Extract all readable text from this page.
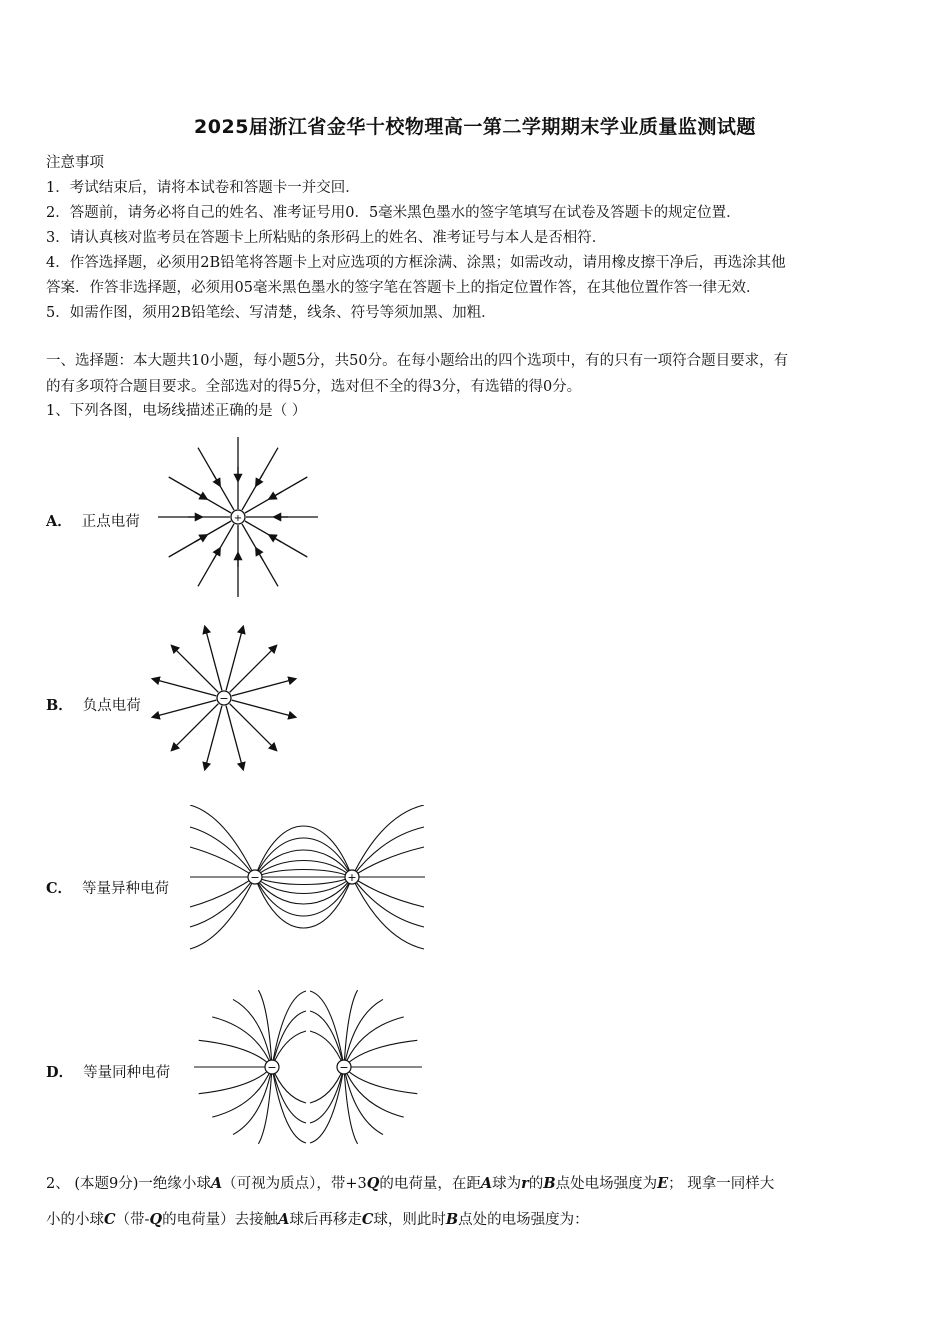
2025届浙江省金华十校物理高一第二学期期末学业质量监测试题
注意事项
1．考试结束后，请将本试卷和答题卡一并交回．
2．答题前，请务必将自己的姓名、准考证号用0．5毫米黑色墨水的签字笔填写在试卷及答题卡的规定位置．
3．请认真核对监考员在答题卡上所粘贴的条形码上的姓名、准考证号与本人是否相符．
4．作答选择题，必须用2B铅笔将答题卡上对应选项的方框涂满、涂黑；如需改动，请用橡皮擦干净后，再选涂其他
答案．作答非选择题，必须用05毫米黑色墨水的签字笔在答题卡上的指定位置作答，在其他位置作答一律无效．
5．如需作图，须用2B铅笔绘、写清楚，线条、符号等须加黑、加粗．
一、选择题：本大题共10小题，每小题5分，共50分。在每小题给出的四个选项中，有的只有一项符合题目要求，有
的有多项符合题目要求。全部选对的得5分，选对但不全的得3分，有选错的得0分。
1、下列各图，电场线描述正确的是（ ）
A． 正点电荷	+
B． 负点电荷	−
C． 等量异种电荷
−	+
D． 等量同种电荷	−	−
2、 (本题9分)一绝缘小球A（可视为质点），带+3Q的电荷量，在距A球为r的B点处电场强度为E； 现拿一同样大
小的小球C（带-Q的电荷量）去接触A球后再移走C球，则此时B点处的电场强度为：
